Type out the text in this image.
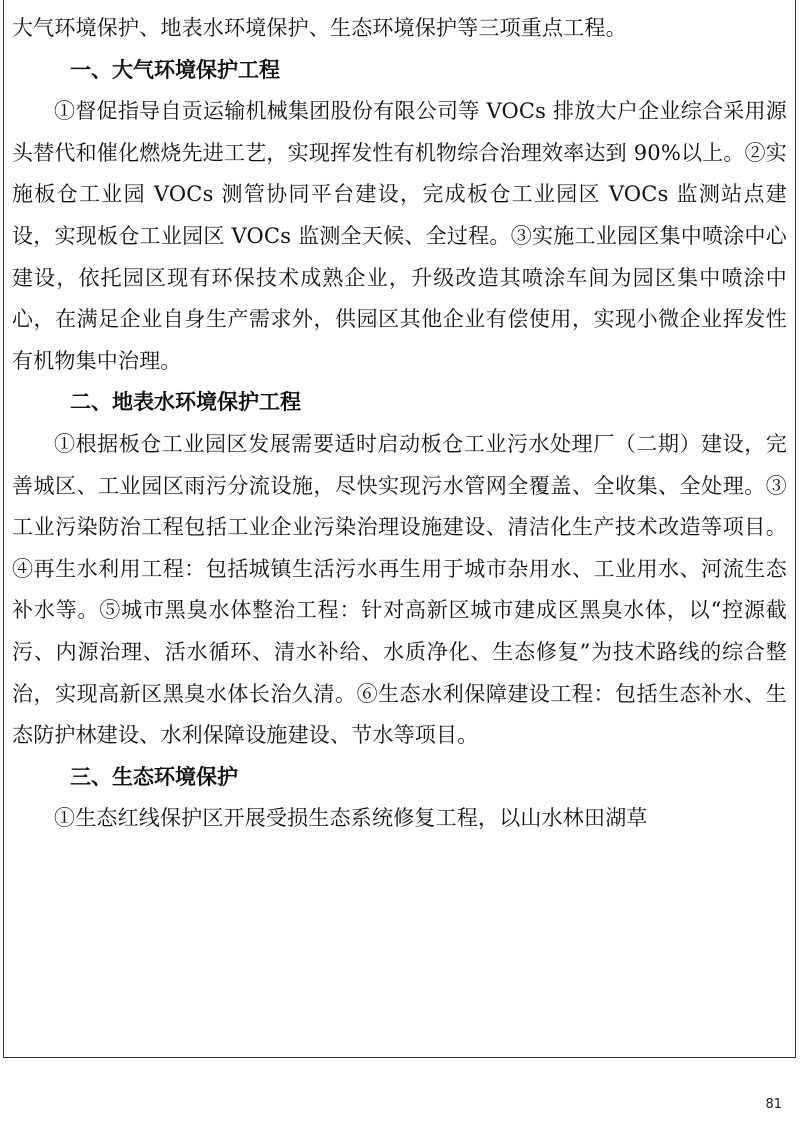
大气环境保护、地表水环境保护、生态环境保护等三项重点工程。

一、大气环境保护工程

①督促指导自贡运输机械集团股份有限公司等 VOCs 排放大户企业综合采用源头替代和催化燃烧先进工艺，实现挥发性有机物综合治理效率达到 90%以上。②实施板仓工业园 VOCs 测管协同平台建设，完成板仓工业园区 VOCs 监测站点建设，实现板仓工业园区 VOCs 监测全天候、全过程。③实施工业园区集中喷涂中心建设，依托园区现有环保技术成熟企业，升级改造其喷涂车间为园区集中喷涂中心，在满足企业自身生产需求外，供园区其他企业有偿使用，实现小微企业挥发性有机物集中治理。

二、地表水环境保护工程

①根据板仓工业园区发展需要适时启动板仓工业污水处理厂（二期）建设，完善城区、工业园区雨污分流设施，尽快实现污水管网全覆盖、全收集、全处理。③工业污染防治工程包括工业企业污染治理设施建设、清洁化生产技术改造等项目。④再生水利用工程：包括城镇生活污水再生用于城市杂用水、工业用水、河流生态补水等。⑤城市黑臭水体整治工程：针对高新区城市建成区黑臭水体，以“控源截污、内源治理、活水循环、清水补给、水质净化、生态修复”为技术路线的综合整治，实现高新区黑臭水体长治久清。⑥生态水利保障建设工程：包括生态补水、生态防护林建设、水利保障设施建设、节水等项目。

三、生态环境保护

①生态红线保护区开展受损生态系统修复工程，以山水林田湖草

81
